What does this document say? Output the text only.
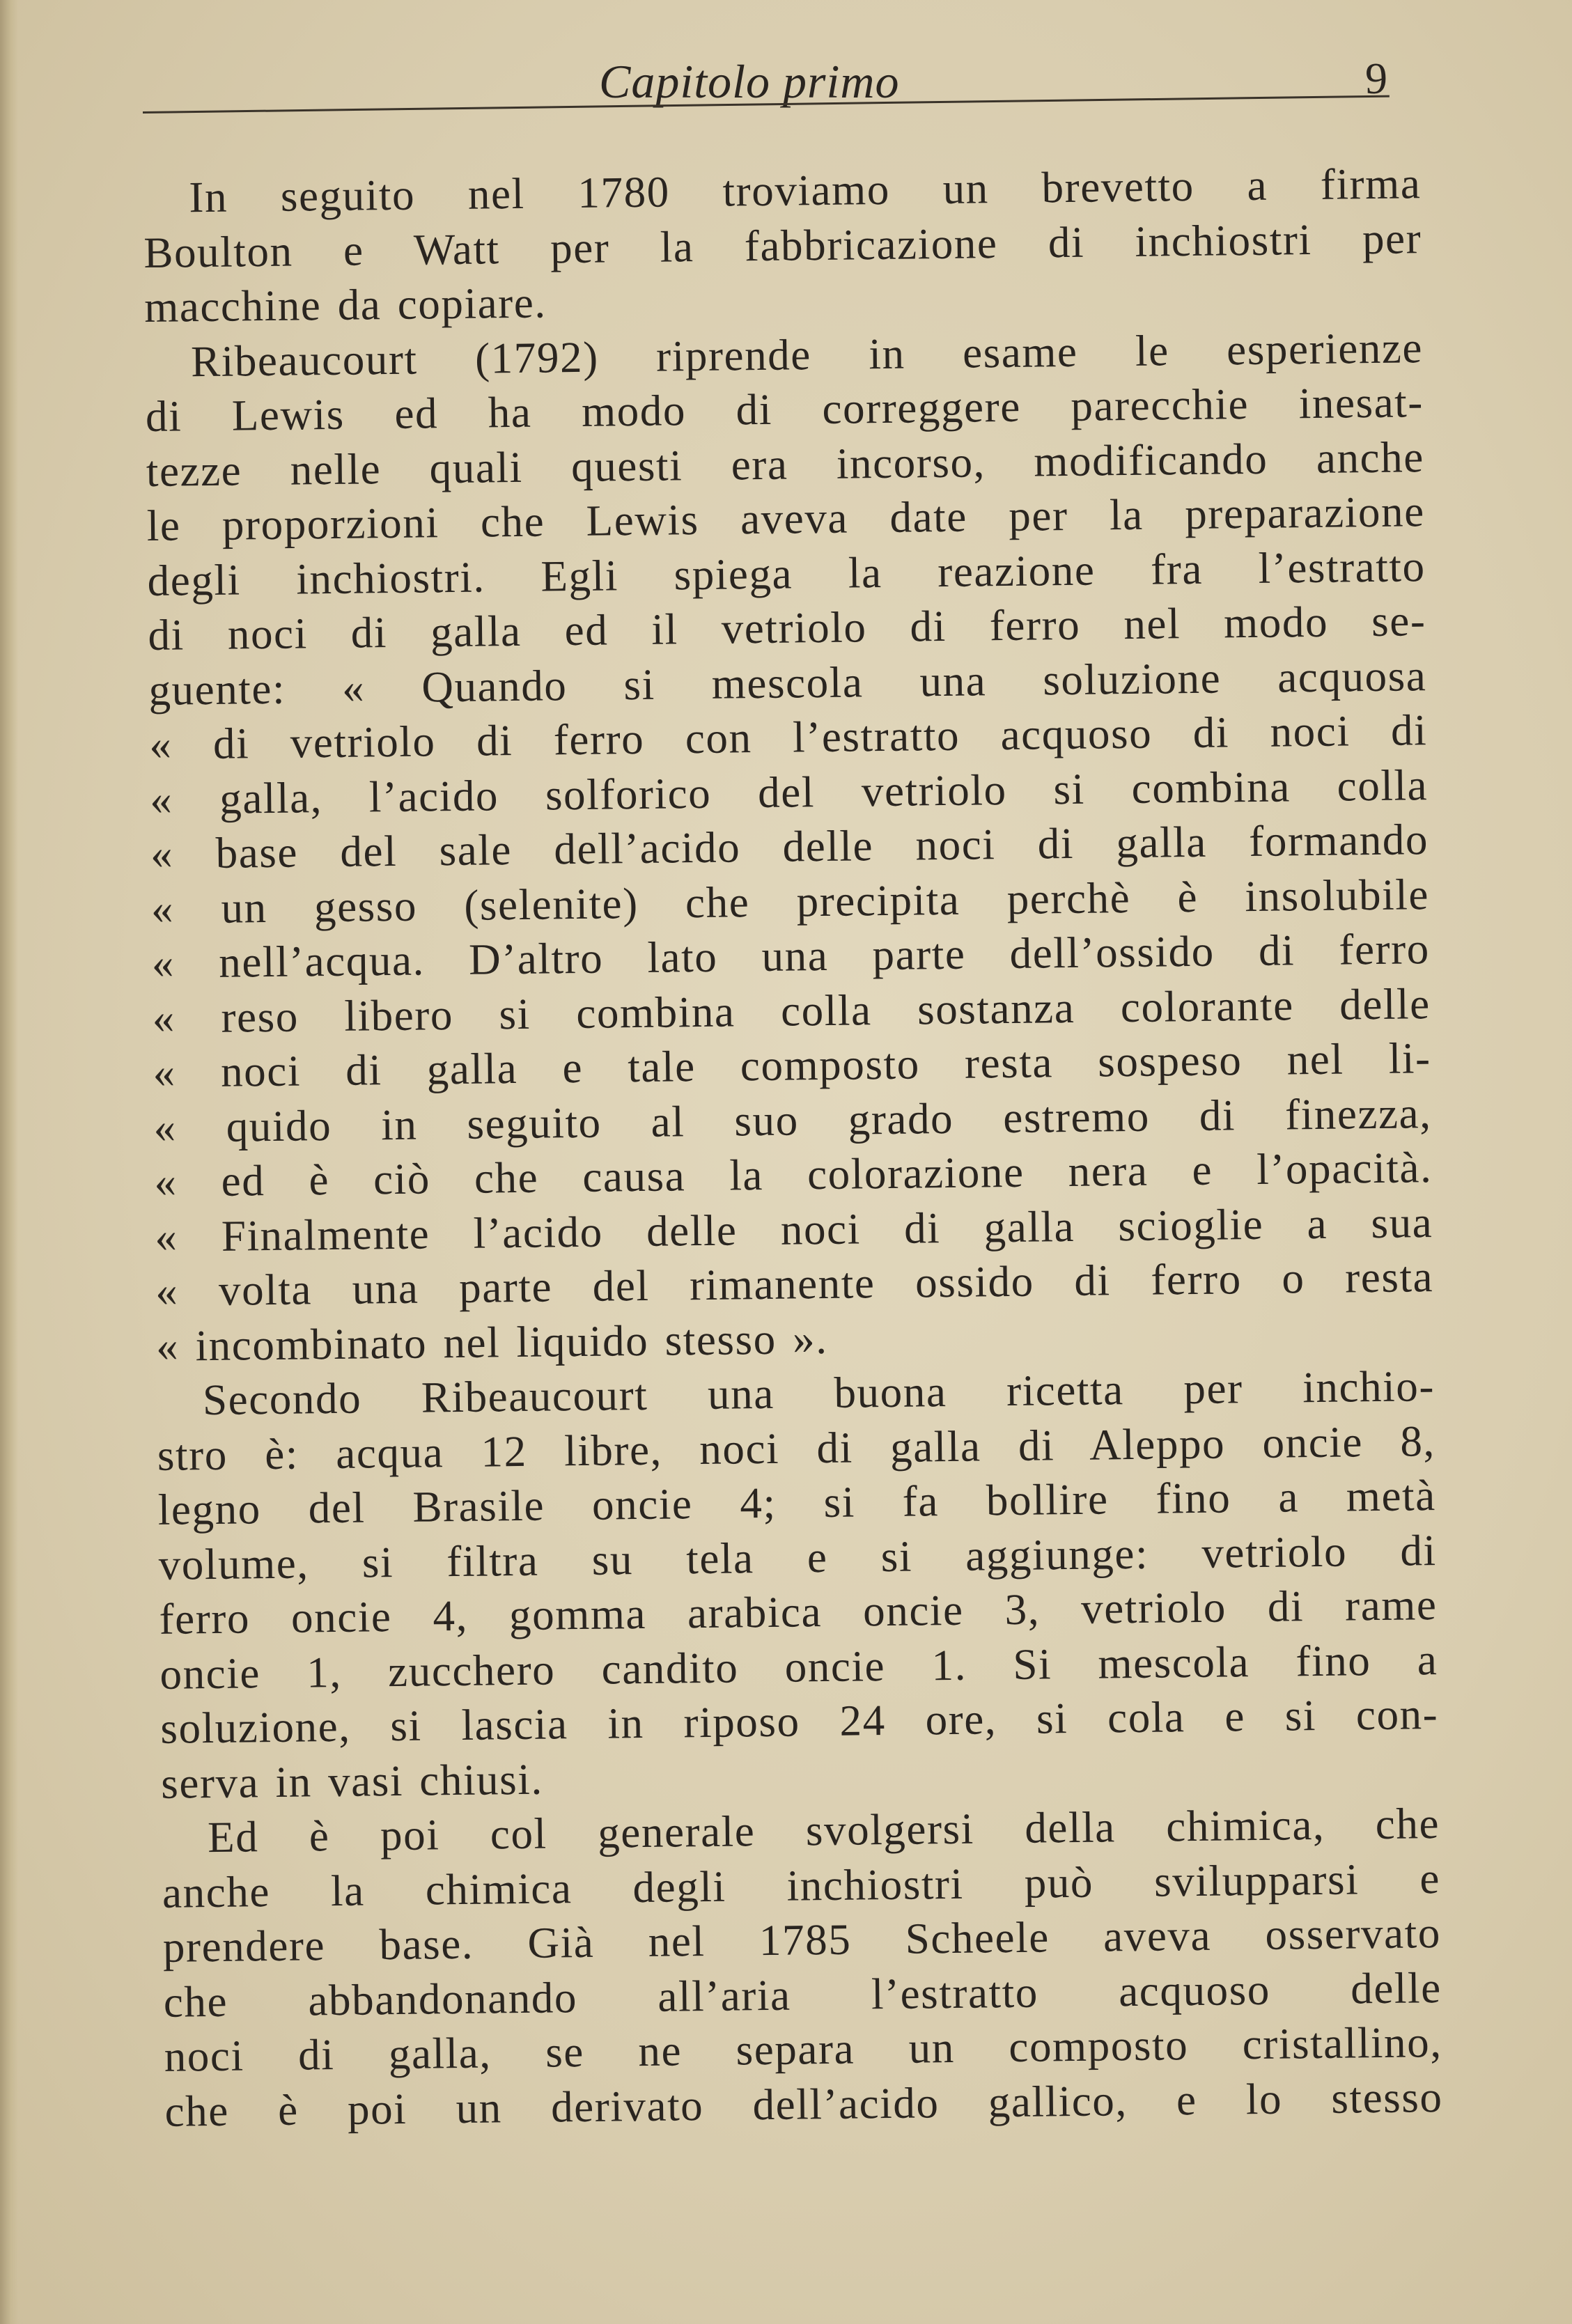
Capitolo primo	9
In seguito nel 1780 troviamo un brevetto a firma
Boulton e Watt per la fabbricazione di inchiostri per
macchine da copiare.
Ribeaucourt (1792) riprende in esame le esperienze
di Lewis ed ha modo di correggere parecchie inesat-
tezze nelle quali questi era incorso, modificando anche
le proporzioni che Lewis aveva date per la preparazione
degli inchiostri. Egli spiega la reazione fra l’estratto
di noci di galla ed il vetriolo di ferro nel modo se-
guente: « Quando si mescola una soluzione acquosa
« di vetriolo di ferro con l’estratto acquoso di noci di
« galla, l’acido solforico del vetriolo si combina colla
« base del sale dell’acido delle noci di galla formando
« un gesso (selenite) che precipita perchè è insolubile
« nell’acqua. D’altro lato una parte dell’ossido di ferro
« reso libero si combina colla sostanza colorante delle
« noci di galla e tale composto resta sospeso nel li-
« quido in seguito al suo grado estremo di finezza,
« ed è ciò che causa la colorazione nera e l’opacità.
« Finalmente l’acido delle noci di galla scioglie a sua
« volta una parte del rimanente ossido di ferro o resta
« incombinato nel liquido stesso ».
Secondo Ribeaucourt una buona ricetta per inchio-
stro è: acqua 12 libre, noci di galla di Aleppo oncie 8,
legno del Brasile oncie 4; si fa bollire fino a metà
volume, si filtra su tela e si aggiunge: vetriolo di
ferro oncie 4, gomma arabica oncie 3, vetriolo di rame
oncie 1, zucchero candito oncie 1. Si mescola fino a
soluzione, si lascia in riposo 24 ore, si cola e si con-
serva in vasi chiusi.
Ed è poi col generale svolgersi della chimica, che
anche la chimica degli inchiostri può svilupparsi e
prendere base. Già nel 1785 Scheele aveva osservato
che abbandonando all’aria l’estratto acquoso delle
noci di galla, se ne separa un composto cristallino,
che è poi un derivato dell’acido gallico, e lo stesso
